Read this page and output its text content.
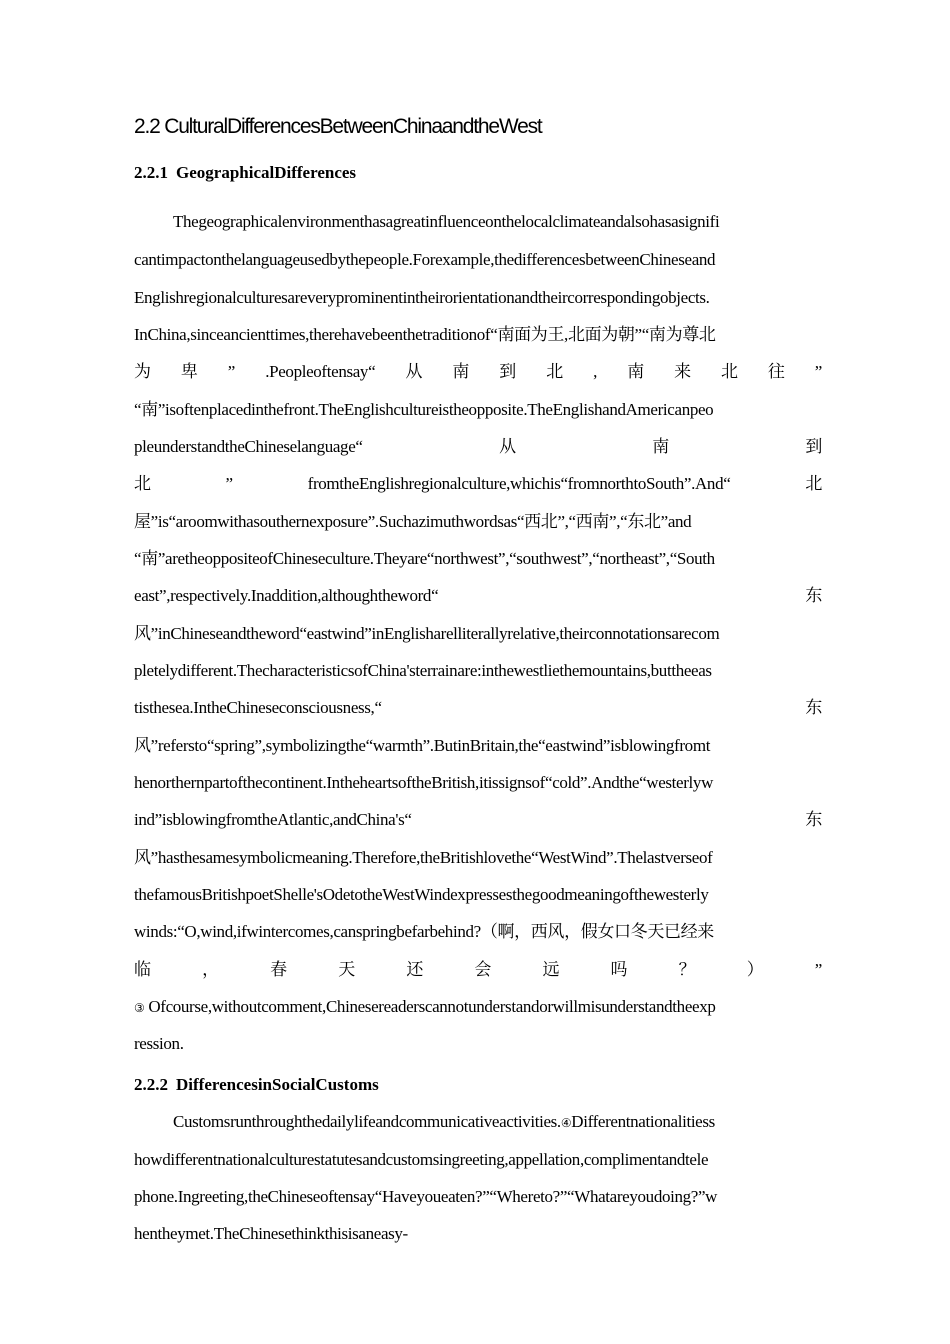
2.2 CulturalDifferencesBetweenChinaandtheWest
2.2.1 GeographicalDifferences
Thegeographicalenvironmenthasagreatinfluenceonthelocalclimateandalsohasasignifi
cantimpactonthelanguageusedbythepeople.Forexample,thedifferencesbetweenChineseand
Englishregionalculturesareveryprominentintheirorientationandtheircorrespondingobjects.
InChina,sinceancienttimes,therehavebeenthetraditionof“南面为王,北面为朝”“南为尊北
为 卑 ” .Peopleoftensay“ 从 南 到 北 , 南 来 北 往 ”
“南”isoftenplacedinthefront.TheEnglishcultureistheopposite.TheEnglishandAmericanpeo
pleunderstandtheChineselanguage“	从	南	到
北	”	fromtheEnglishregionalculture,whichis“fromnorthtoSouth”.And“	北
屋”is“aroomwithasouthernexposure”.Suchazimuthwordsas“西北”,“西南”,“东北”and
“南”aretheoppositeofChineseculture.Theyare“northwest”,“southwest”,“northeast”,“South
east”,respectively.Inaddition,althoughtheword“	东
风”inChineseandtheword“eastwind”inEnglisharelliterallyrelative,theirconnotationsarecom
pletelydifferent.ThecharacteristicsofChina'sterrainare:inthewestliethemountains,buttheeas
tisthesea.IntheChineseconsciousness,“	东
风”refersto“spring”,symbolizingthe“warmth”.ButinBritain,the“eastwind”isblowingfromt
henorthernpartofthecontinent.IntheheartsoftheBritish,itissignsof“cold”.Andthe“westerlyw
ind”isblowingfromtheAtlantic,andChina's“	东
风”hasthesamesymbolicmeaning.Therefore,theBritishlovethe“WestWind”.Thelastverseof
thefamousBritishpoetShelle'sOdetotheWestWindexpressesthegoodmeaningofthewesterly
winds:“O,wind,ifwintercomes,canspringbefarbehind?（啊，西风，假女口冬天已经来
临	，	春	天	还	会	远	吗	？	）	”
③ Ofcourse,withoutcomment,Chinesereaderscannotunderstandorwillmisunderstandtheexp
ression.
2.2.2 DifferencesinSocialCustoms
Customsrunthroughthedailylifeandcommunicativeactivities.④Differentnationalitiess
howdifferentnationalculturestatutesandcustomsingreeting,appellation,complimentandtele
phone.Ingreeting,theChineseoftensay“Haveyoueaten?”“Whereto?”“Whatareyoudoing?”w
hentheymet.TheChinesethinkthisisaneasy-
